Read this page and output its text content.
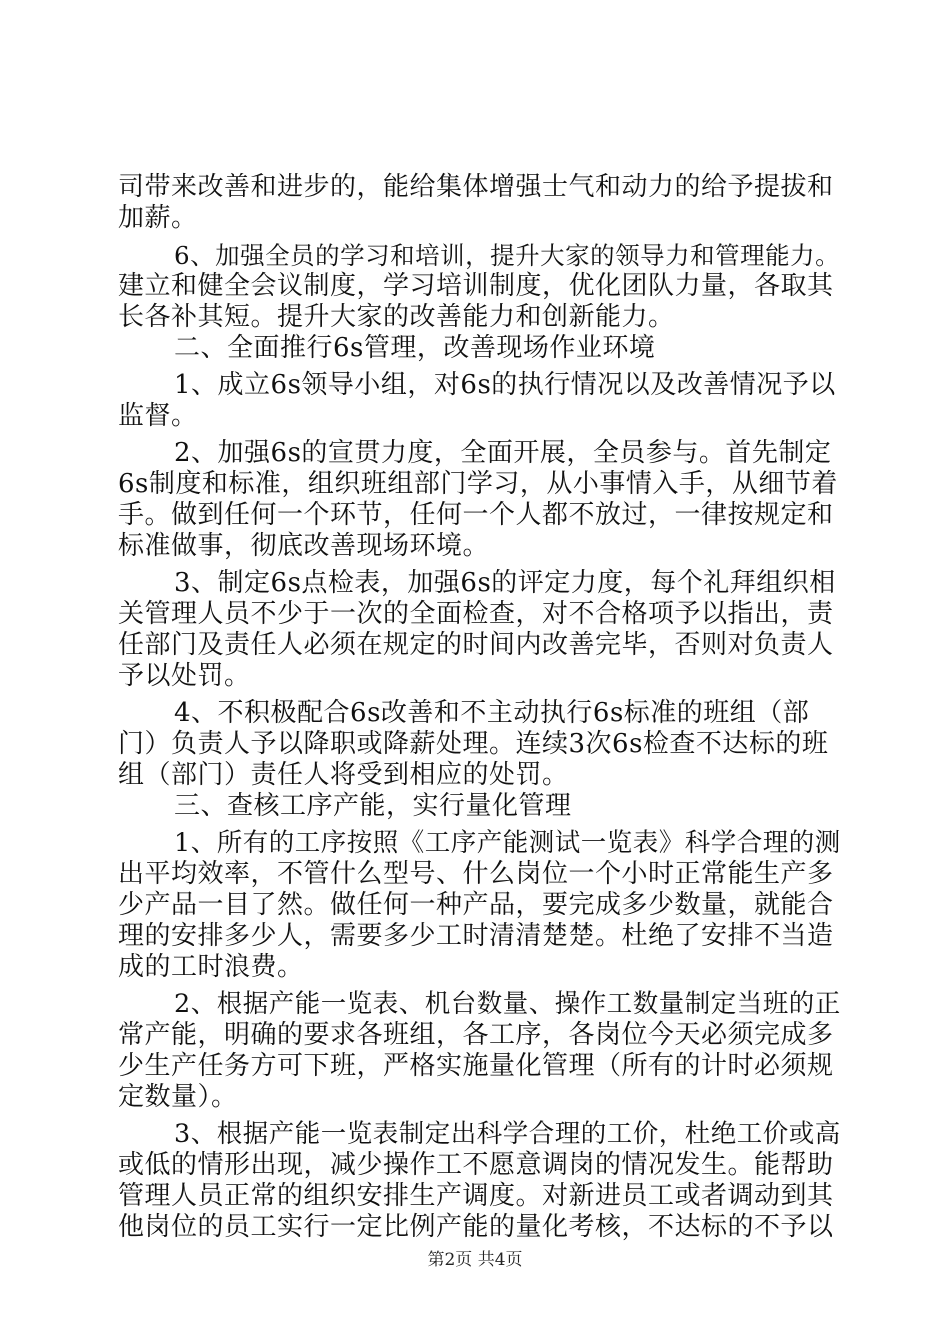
司带来改善和进步的，能给集体增强士气和动力的给予提拔和
加薪。
6、加强全员的学习和培训，提升大家的领导力和管理能力。
建立和健全会议制度，学习培训制度，优化团队力量，各取其
长各补其短。提升大家的改善能力和创新能力。
二、全面推行6s管理，改善现场作业环境
1、成立6s领导小组，对6s的执行情况以及改善情况予以
监督。
2、加强6s的宣贯力度，全面开展，全员参与。首先制定
6s制度和标准，组织班组部门学习，从小事情入手，从细节着
手。做到任何一个环节，任何一个人都不放过，一律按规定和
标准做事，彻底改善现场环境。
3、制定6s点检表，加强6s的评定力度，每个礼拜组织相
关管理人员不少于一次的全面检查，对不合格项予以指出，责
任部门及责任人必须在规定的时间内改善完毕，否则对负责人
予以处罚。
4、不积极配合6s改善和不主动执行6s标准的班组（部
门）负责人予以降职或降薪处理。连续3次6s检查不达标的班
组（部门）责任人将受到相应的处罚。
三、查核工序产能，实行量化管理
1、所有的工序按照《工序产能测试一览表》科学合理的测
出平均效率，不管什么型号、什么岗位一个小时正常能生产多
少产品一目了然。做任何一种产品，要完成多少数量，就能合
理的安排多少人，需要多少工时清清楚楚。杜绝了安排不当造
成的工时浪费。
2、根据产能一览表、机台数量、操作工数量制定当班的正
常产能，明确的要求各班组，各工序，各岗位今天必须完成多
少生产任务方可下班，严格实施量化管理（所有的计时必须规
定数量）。
3、根据产能一览表制定出科学合理的工价，杜绝工价或高
或低的情形出现，减少操作工不愿意调岗的情况发生。能帮助
管理人员正常的组织安排生产调度。对新进员工或者调动到其
他岗位的员工实行一定比例产能的量化考核，不达标的不予以
第2页 共4页
